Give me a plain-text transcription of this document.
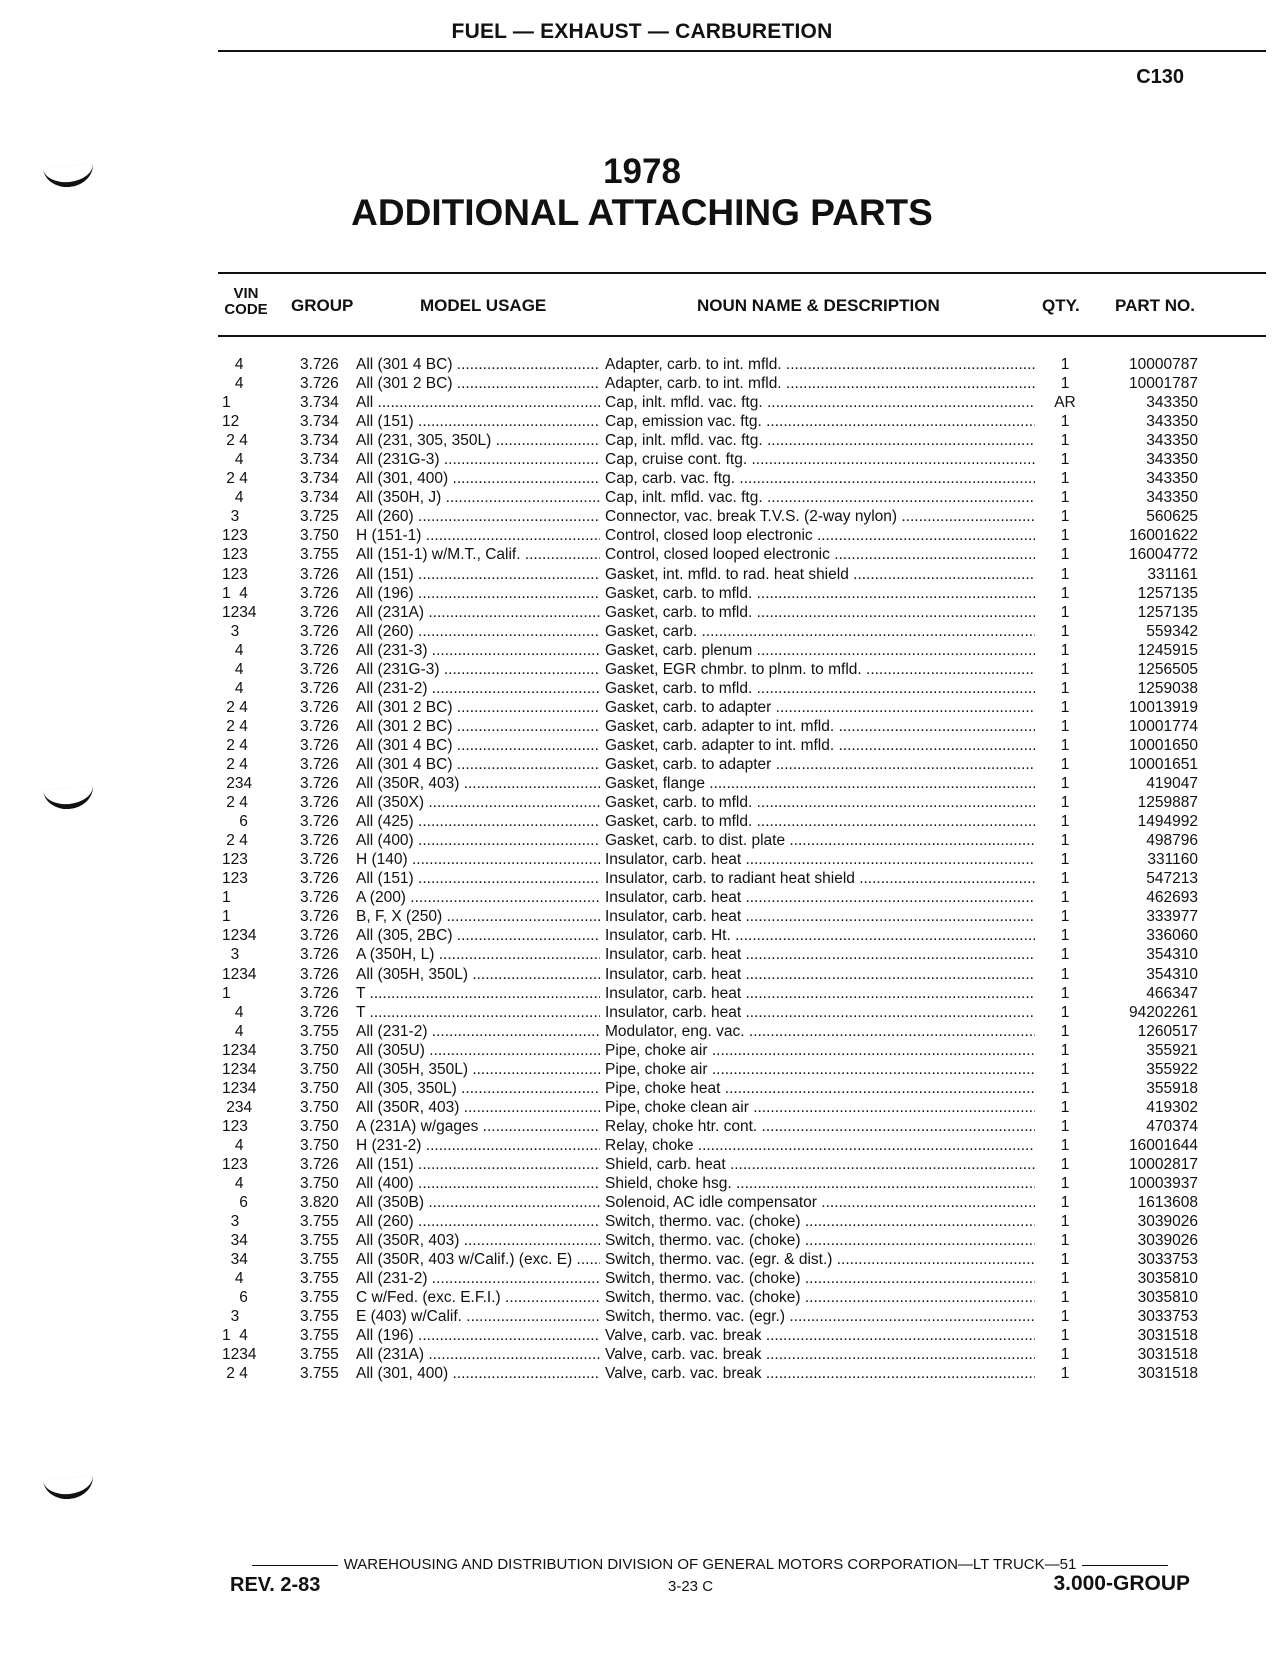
FUEL — EXHAUST — CARBURETION
C130
1978
ADDITIONAL ATTACHING PARTS
VIN CODE GROUP	MODEL USAGE	NOUN NAME & DESCRIPTION	QTY. PART NO.
4	3.726 All (301 4 BC) .....	Adapter, carb. to int. mfld. .....	1	10000787
4	3.726 All (301 2 BC) .....	Adapter, carb. to int. mfld. .....	1	10001787
1	3.734 All .....	Cap, inlt. mfld. vac. ftg. .....	AR	343350
12	3.734 All (151) .....	Cap, emission vac. ftg. .....	1	343350
2 4	3.734 All (231, 305, 350L) .....	Cap, inlt. mfld. vac. ftg. .....	1	343350
4	3.734 All (231G-3) .....	Cap, cruise cont. ftg. .....	1	343350
2 4	3.734 All (301, 400) .....	Cap, carb. vac. ftg. .....	1	343350
4	3.734 All (350H, J) .....	Cap, inlt. mfld. vac. ftg. .....	1	343350
3	3.725 All (260) .....	Connector, vac. break T.V.S. (2-way nylon) .....	1	560625
123	3.750 H (151-1) .....	Control, closed loop electronic .....	1	16001622
123	3.755 All (151-1) w/M.T., Calif. .....	Control, closed looped electronic .....	1	16004772
123	3.726 All (151) .....	Gasket, int. mfld. to rad. heat shield .....	1	331161
1  4	3.726 All (196) .....	Gasket, carb. to mfld. .....	1	1257135
1234	3.726 All (231A) .....	Gasket, carb. to mfld. .....	1	1257135
3	3.726 All (260) .....	Gasket, carb. .....	1	559342
4	3.726 All (231-3) .....	Gasket, carb. plenum .....	1	1245915
4	3.726 All (231G-3) .....	Gasket, EGR chmbr. to plnm. to mfld. .....	1	1256505
4	3.726 All (231-2) .....	Gasket, carb. to mfld. .....	1	1259038
2 4	3.726 All (301 2 BC) .....	Gasket, carb. to adapter .....	1	10013919
2 4	3.726 All (301 2 BC) .....	Gasket, carb. adapter to int. mfld. .....	1	10001774
2 4	3.726 All (301 4 BC) .....	Gasket, carb. adapter to int. mfld. .....	1	10001650
2 4	3.726 All (301 4 BC) .....	Gasket, carb. to adapter .....	1	10001651
234	3.726 All (350R, 403) .....	Gasket, flange .....	1	419047
2 4	3.726 All (350X) .....	Gasket, carb. to mfld. .....	1	1259887
6	3.726 All (425) .....	Gasket, carb. to mfld. .....	1	1494992
2 4	3.726 All (400) .....	Gasket, carb. to dist. plate .....	1	498796
123	3.726 H (140) .....	Insulator, carb. heat .....	1	331160
123	3.726 All (151) .....	Insulator, carb. to radiant heat shield .....	1	547213
1	3.726 A (200) .....	Insulator, carb. heat .....	1	462693
1	3.726 B, F, X (250) .....	Insulator, carb. heat .....	1	333977
1234	3.726 All (305, 2BC) .....	Insulator, carb. Ht. .....	1	336060
3	3.726 A (350H, L) .....	Insulator, carb. heat .....	1	354310
1234	3.726 All (305H, 350L) .....	Insulator, carb. heat .....	1	354310
1	3.726 T .....	Insulator, carb. heat .....	1	466347
4	3.726 T .....	Insulator, carb. heat .....	1	94202261
4	3.755 All (231-2) .....	Modulator, eng. vac. .....	1	1260517
1234	3.750 All (305U) .....	Pipe, choke air .....	1	355921
1234	3.750 All (305H, 350L) .....	Pipe, choke air .....	1	355922
1234	3.750 All (305, 350L) .....	Pipe, choke heat .....	1	355918
234	3.750 All (350R, 403) .....	Pipe, choke clean air .....	1	419302
123	3.750 A (231A) w/gages .....	Relay, choke htr. cont. .....	1	470374
4	3.750 H (231-2) .....	Relay, choke .....	1	16001644
123	3.726 All (151) .....	Shield, carb. heat .....	1	10002817
4	3.750 All (400) .....	Shield, choke hsg. .....	1	10003937
6	3.820 All (350B) .....	Solenoid, AC idle compensator .....	1	1613608
3	3.755 All (260) .....	Switch, thermo. vac. (choke) .....	1	3039026
34	3.755 All (350R, 403) .....	Switch, thermo. vac. (choke) .....	1	3039026
34	3.755 All (350R, 403 w/Calif.) (exc. E) .....	Switch, thermo. vac. (egr. & dist.) .....	1	3033753
4	3.755 All (231-2) .....	Switch, thermo. vac. (choke) .....	1	3035810
6	3.755 C w/Fed. (exc. E.F.I.) .....	Switch, thermo. vac. (choke) .....	1	3035810
3	3.755 E (403) w/Calif. .....	Switch, thermo. vac. (egr.) .....	1	3033753
1  4	3.755 All (196) .....	Valve, carb. vac. break .....	1	3031518
1234	3.755 All (231A) .....	Valve, carb. vac. break .....	1	3031518
2 4	3.755 All (301, 400) .....	Valve, carb. vac. break .....	1	3031518
WAREHOUSING AND DISTRIBUTION DIVISION OF GENERAL MOTORS CORPORATION—LT TRUCK—51
REV. 2-83	3-23 C	3.000-GROUP
